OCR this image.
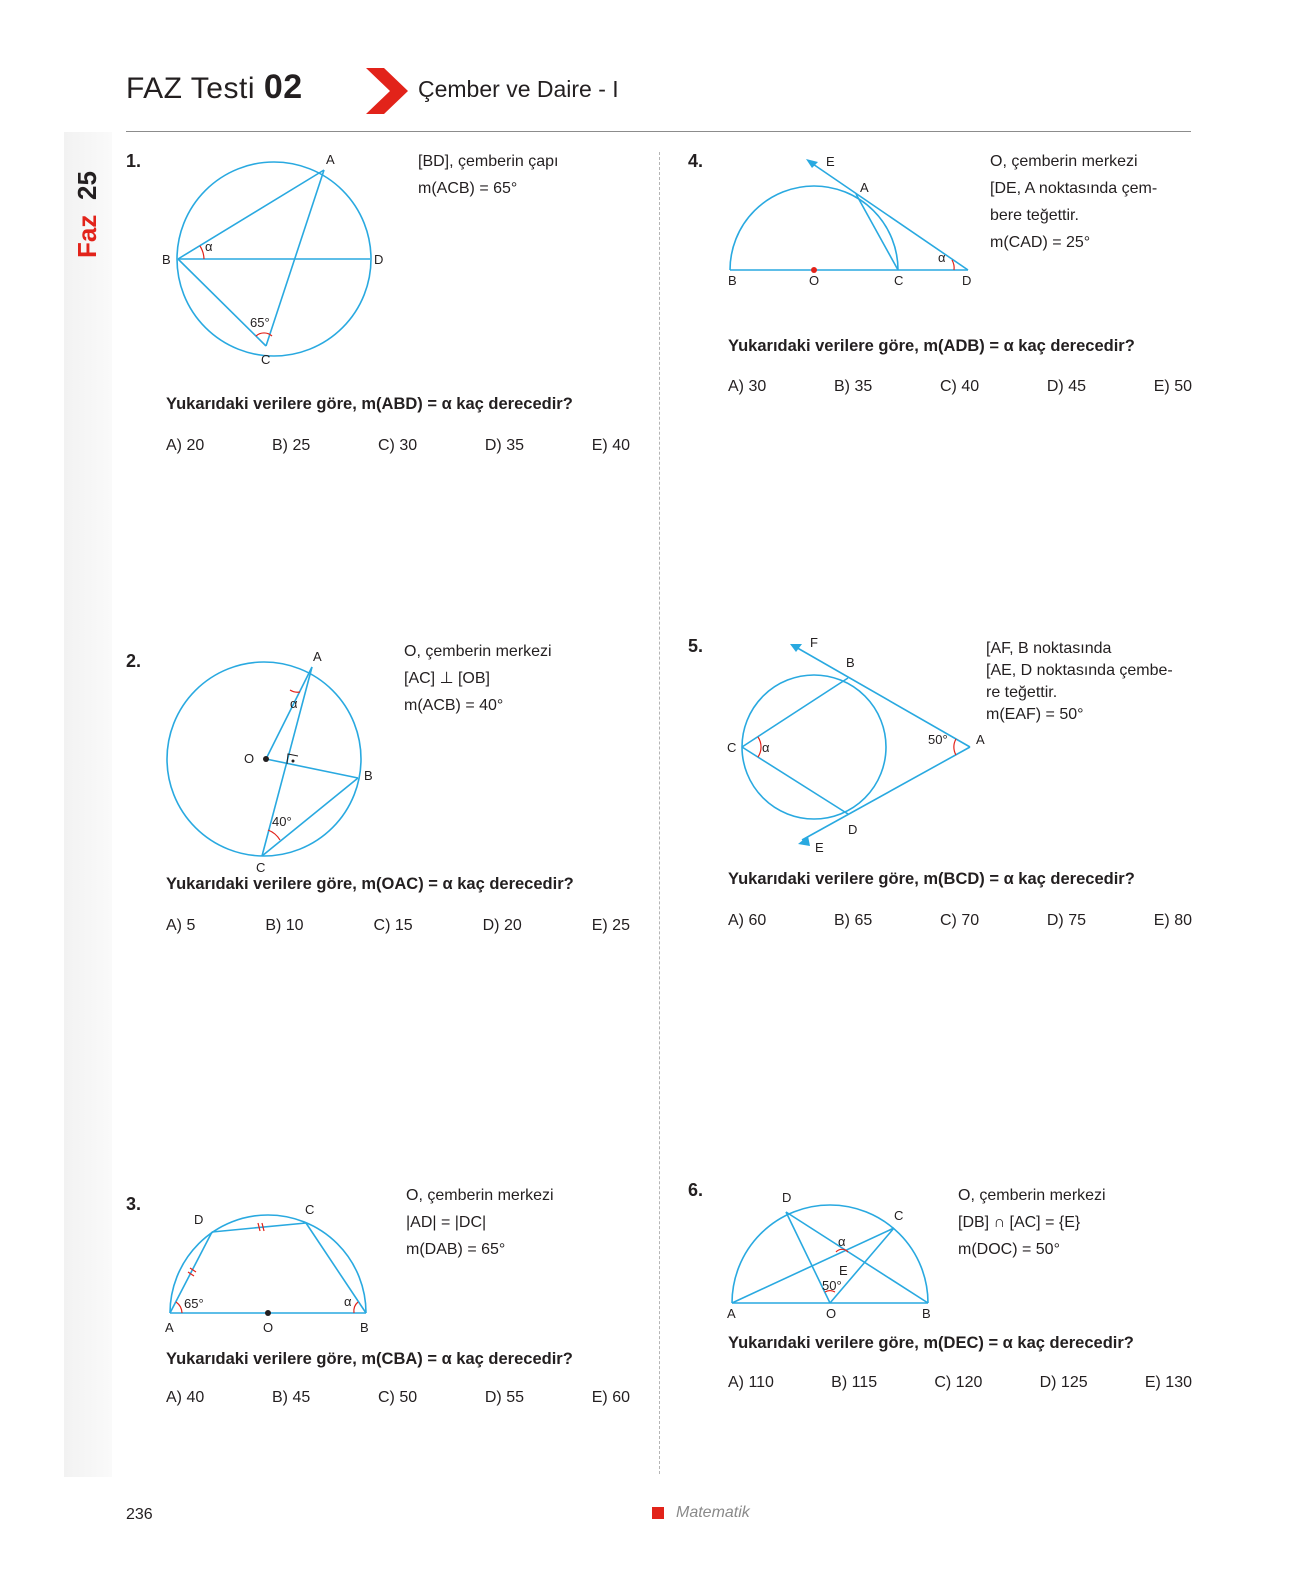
FAZ Testi 02	Çember ve Daire - I
Faz
25
1.	A
B
C
D
α
65°
[BD], çemberin çapı
m(ACB) = 65°
Yukarıdaki verilere göre, m(ABD) = α kaç derecedir?
A) 20	B) 25	C) 30	D) 35	E) 40
2.	A
O
B
C
α
40°
O, çemberin merkezi
[AC] ⊥ [OB]
m(ACB) = 40°
Yukarıdaki verilere göre, m(OAC) = α kaç derecedir?
A) 5	B) 10	C) 15	D) 20	E) 25
3.
D
C
A	O	B
65°	α
O, çemberin merkezi
|AD| = |DC|
m(DAB) = 65°
Yukarıdaki verilere göre, m(CBA) = α kaç derecedir?
A) 40	B) 45	C) 50	D) 55	E) 60
4.	E
A
B	O	C	D
α
O, çemberin merkezi
[DE, A noktasında çem-
bere teğettir.
m(CAD) = 25°
Yukarıdaki verilere göre, m(ADB) = α kaç derecedir?
A) 30	B) 35	C) 40	D) 45	E) 50
5.	F
B
C
A
D
E
α
50°
[AF, B noktasında
[AE, D noktasında çembe-
re teğettir.
m(EAF) = 50°
Yukarıdaki verilere göre, m(BCD) = α kaç derecedir?
A) 60	B) 65	C) 70	D) 75	E) 80
6.	D
C
E
A	O	B
α
50°
O, çemberin merkezi
[DB] ∩ [AC] = {E}
m(DOC) = 50°
Yukarıdaki verilere göre, m(DEC) = α kaç derecedir?
A) 110	B) 115	C) 120	D) 125	E) 130
236	Matematik
